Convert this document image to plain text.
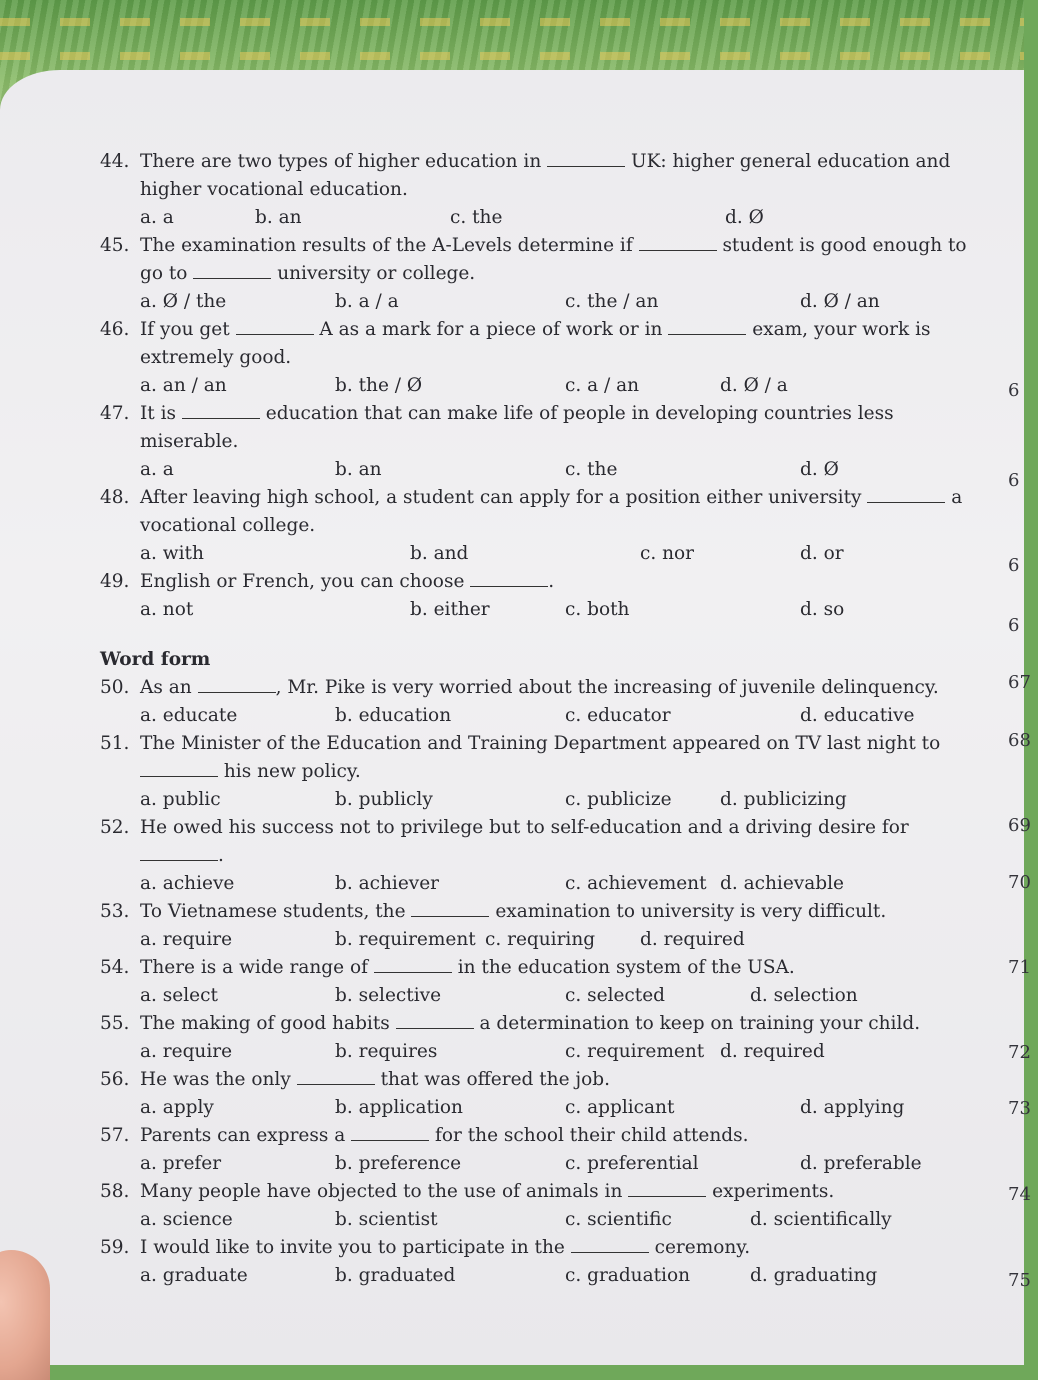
44. There are two types of higher education in	UK: higher general education and
higher vocational education.
a. a	b. an	c. the	d. Ø
45. The examination results of the A-Levels determine if	student is good enough to
go to	university or college.
a. Ø / the	b. a / a	c. the / an	d. Ø / an
46. If you get	A as a mark for a piece of work or in	exam, your work is
extremely good.
a. an / an	b. the / Ø	c. a / an	d. Ø / a
47. It is	education that can make life of people in developing countries less
miserable.
a. a	b. an	c. the	d. Ø
48. After leaving high school, a student can apply for a position either university	a
vocational college.
a. with	b. and	c. nor	d. or
49. English or French, you can choose	.
a. not	b. either	c. both	d. so
Word form
50. As an	, Mr. Pike is very worried about the increasing of juvenile delinquency.
a. educate	b. education	c. educator	d. educative
51. The Minister of the Education and Training Department appeared on TV last night to
his new policy.
a. public	b. publicly	c. publicize	d. publicizing
52. He owed his success not to privilege but to self-education and a driving desire for
.
a. achieve	b. achiever	c. achievement d. achievable
53. To Vietnamese students, the	examination to university is very difficult.
a. require	b. requirement c. requiring d. required
54. There is a wide range of	in the education system of the USA.
a. select	b. selective	c. selected	d. selection
55. The making of good habits	a determination to keep on training your child.
a. require	b. requires	c. requirement d. required
56. He was the only	that was offered the job.
a. apply	b. application	c. applicant	d. applying
57. Parents can express a	for the school their child attends.
a. prefer	b. preference	c. preferential	d. preferable
58. Many people have objected to the use of animals in	experiments.
a. science	b. scientist	c. scientific	d. scientifically
59. I would like to invite you to participate in the	ceremony.
a. graduate	b. graduated	c. graduation	d. graduating
6
6
6
6
67
68
69
70
71
72
73
74
75
